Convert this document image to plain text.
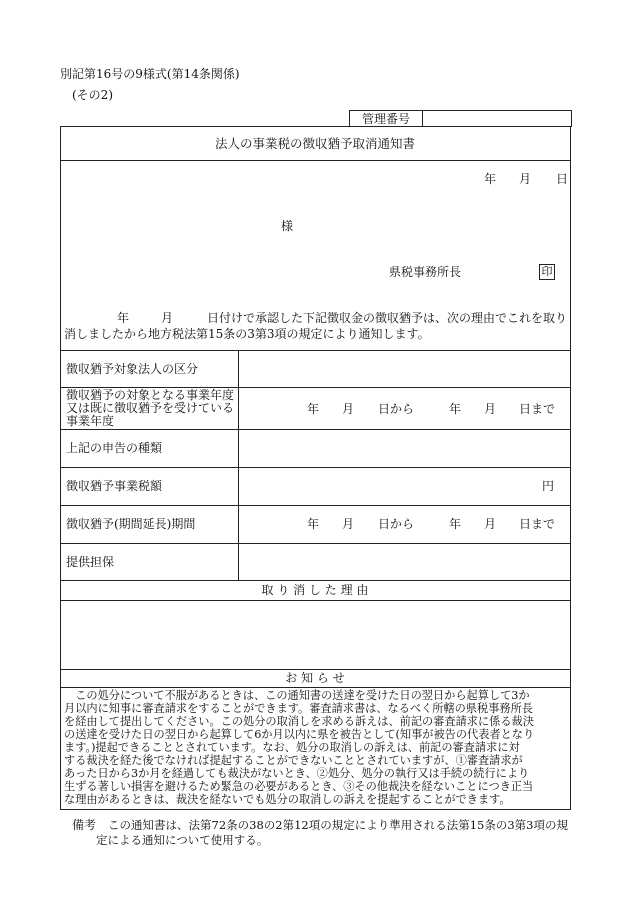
別記第16号の9様式(第14条関係)
(その2)
管理番号
法人の事業税の徴収猶予取消通知書
年 月 日
様
県税事務所長	印
年	月	日付けで承認した下記徴収金の徴収猶予は、次の理由でこれを取り
消しましたから地方税法第15条の3第3項の規定により通知します。
徴収猶予対象法人の区分
徴収猶予の対象となる事業年度
又は既に徴収猶予を受けている
事業年度
年 月 日から	年 月 日まで
上記の申告の種類
徴収猶予事業税額	円
徴収猶予(期間延長)期間	年 月 日から	年 月 日まで
提供担保
取 り 消 し た 理 由
お 知 ら せ
　この処分について不服があるときは、この通知書の送達を受けた日の翌日から起算して3か
月以内に知事に審査請求をすることができます。審査請求書は、なるべく所轄の県税事務所長
を経由して提出してください。この処分の取消しを求める訴えは、前記の審査請求に係る裁決
の送達を受けた日の翌日から起算して6か月以内に県を被告として(知事が被告の代表者となり
ます。)提起できることとされています。なお、処分の取消しの訴えは、前記の審査請求に対
する裁決を経た後でなければ提起することができないこととされていますが、①審査請求が
あった日から3か月を経過しても裁決がないとき、②処分、処分の執行又は手続の続行により
生ずる著しい損害を避けるため緊急の必要があるとき、③その他裁決を経ないことにつき正当
な理由があるときは、裁決を経ないでも処分の取消しの訴えを提起することができます。
備考 この通知書は、法第72条の38の2第12項の規定により準用される法第15条の3第3項の規
定による通知について使用する。
